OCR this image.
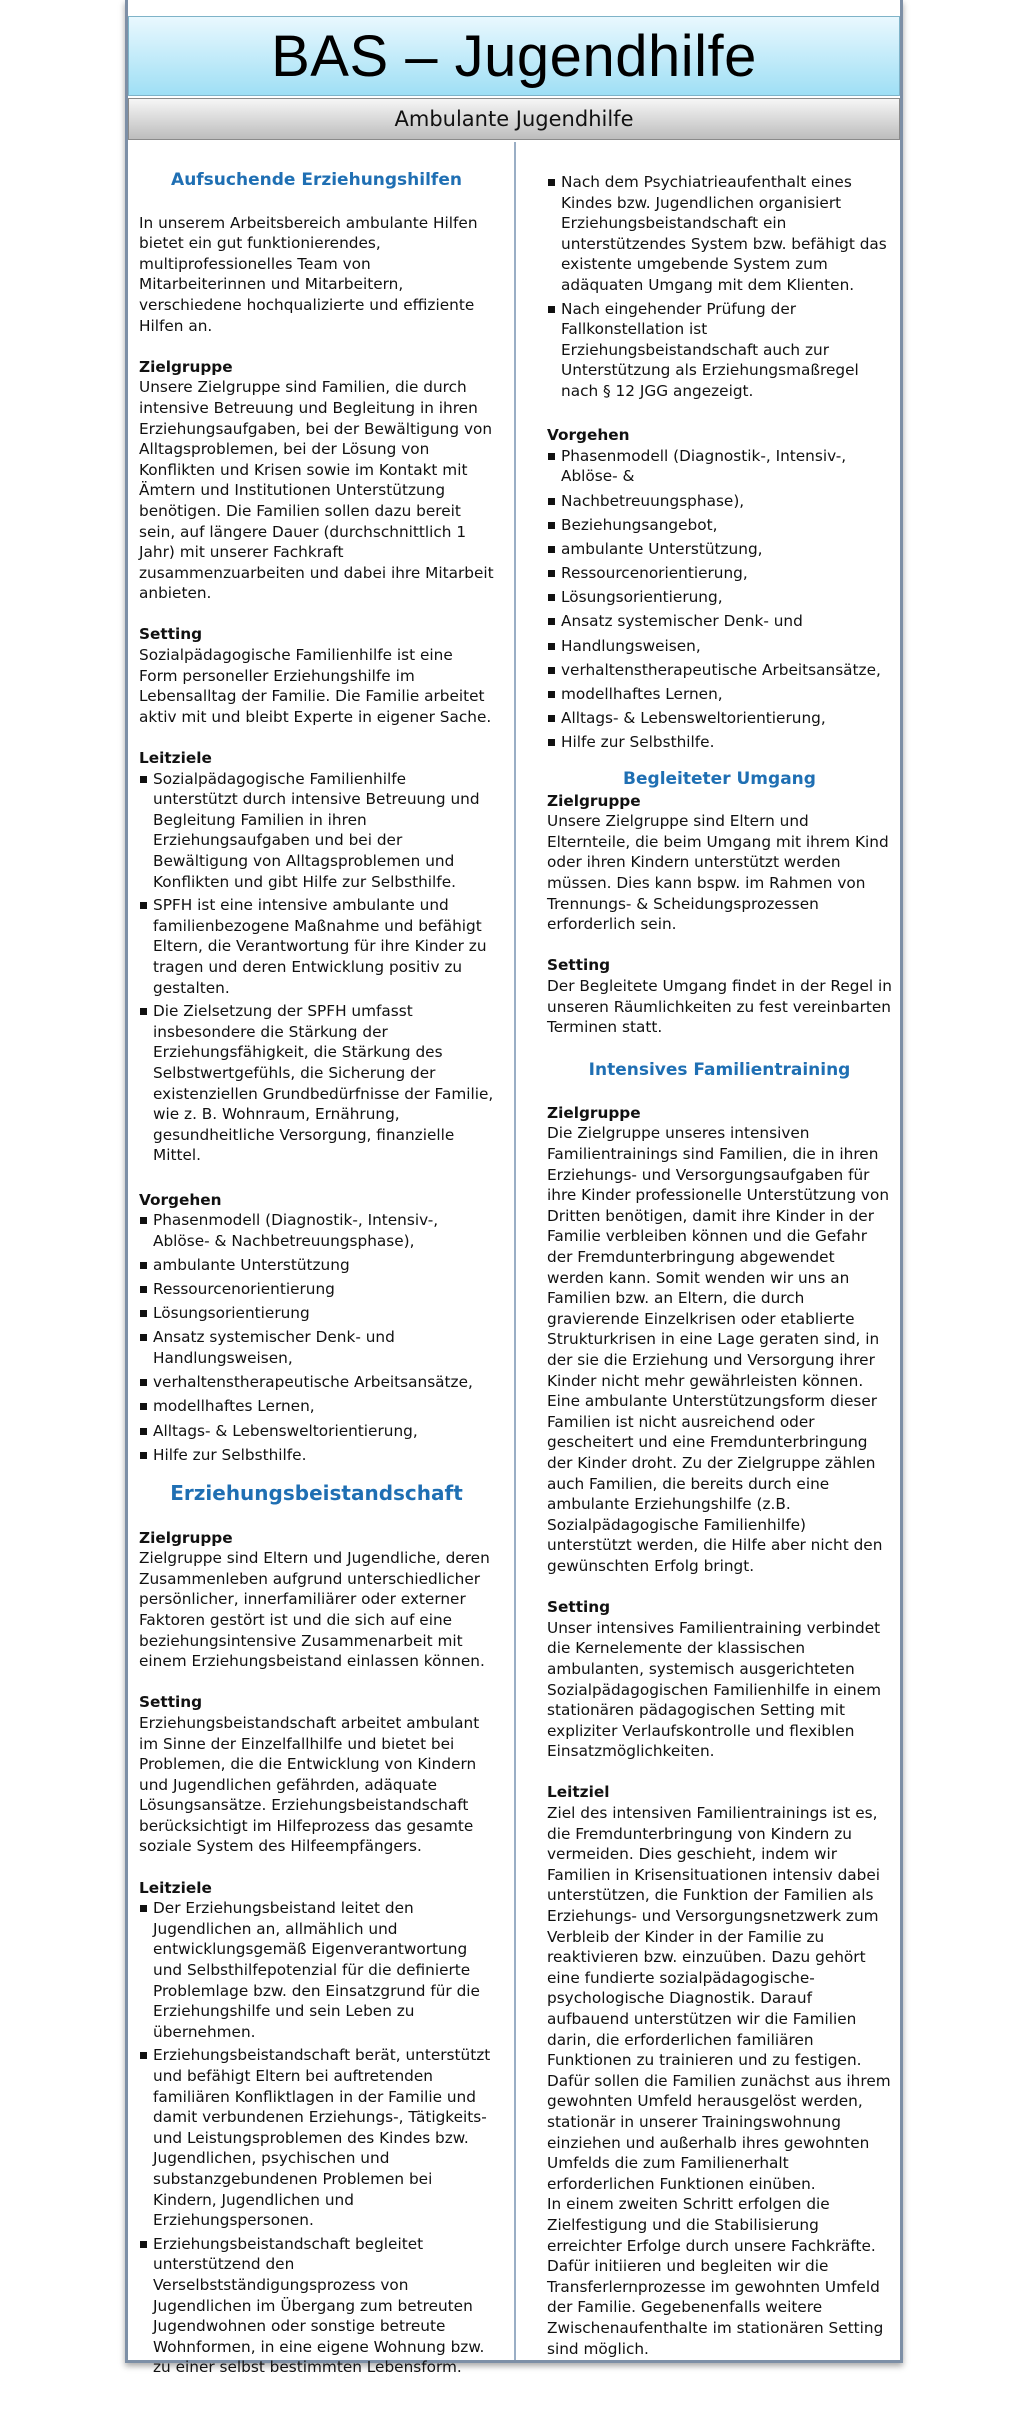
BAS – Jugendhilfe
Ambulante Jugendhilfe
Aufsuchende Erziehungshilfen

In unserem Arbeitsbereich ambulante Hilfen bietet ein gut funktionierendes, multiprofessionelles Team von Mitarbeiterinnen und Mitarbeitern, verschiedene hochqualizierte und effiziente Hilfen an.

Zielgruppe

Unsere Zielgruppe sind Familien, die durch intensive Betreuung und Begleitung in ihren Erziehungsaufgaben, bei der Bewältigung von Alltagsproblemen, bei der Lösung von Konflikten und Krisen sowie im Kontakt mit Ämtern und Institutionen Unterstützung benötigen. Die Familien sollen dazu bereit sein, auf längere Dauer (durchschnittlich 1 Jahr) mit unserer Fachkraft zusammenzuarbeiten und dabei ihre Mitarbeit anbieten.

Setting

Sozialpädagogische Familienhilfe ist eine Form personeller Erziehungshilfe im Lebensalltag der Familie. Die Familie arbeitet aktiv mit und bleibt Experte in eigener Sache.

Leitziele

Sozialpädagogische Familienhilfe unterstützt durch intensive Betreuung und Begleitung Familien in ihren Erziehungsaufgaben und bei der Bewältigung von Alltagsproblemen und Konflikten und gibt Hilfe zur Selbsthilfe.
SPFH ist eine intensive ambulante und familienbezogene Maßnahme und befähigt Eltern, die Verantwortung für ihre Kinder zu tragen und deren Entwicklung positiv zu gestalten.
Die Zielsetzung der SPFH umfasst insbesondere die Stärkung der Erziehungsfähigkeit, die Stärkung des Selbstwertgefühls, die Sicherung der existenziellen Grundbedürfnisse der Familie, wie z. B. Wohnraum, Ernährung, gesundheitliche Versorgung, finanzielle Mittel.

Vorgehen

Phasenmodell (Diagnostik-, Intensiv-, Ablöse- & Nachbetreuungsphase),
ambulante Unterstützung
Ressourcenorientierung
Lösungsorientierung
Ansatz systemischer Denk- und Handlungsweisen,
verhaltenstherapeutische Arbeitsansätze,
modellhaftes Lernen,
Alltags- & Lebensweltorientierung,
Hilfe zur Selbsthilfe.
Erziehungsbeistandschaft

Zielgruppe

Zielgruppe sind Eltern und Jugendliche, deren Zusammenleben aufgrund unterschiedlicher persönlicher, innerfamiliärer oder externer Faktoren gestört ist und die sich auf eine beziehungsintensive Zusammenarbeit mit einem Erziehungsbeistand einlassen können.

Setting

Erziehungsbeistandschaft arbeitet ambulant im Sinne der Einzelfallhilfe und bietet bei Problemen, die die Entwicklung von Kindern und Jugendlichen gefährden, adäquate Lösungsansätze. Erziehungsbeistandschaft berücksichtigt im Hilfeprozess das gesamte soziale System des Hilfeempfängers.

Leitziele

Der Erziehungsbeistand leitet den Jugendlichen an, allmählich und entwicklungsgemäß Eigenverantwortung und Selbsthilfepotenzial für die definierte Problemlage bzw. den Einsatzgrund für die Erziehungshilfe und sein Leben zu übernehmen.
Erziehungsbeistandschaft berät, unterstützt und befähigt Eltern bei auftretenden familiären Konfliktlagen in der Familie und damit verbundenen Erziehungs-, Tätigkeits- und Leistungsproblemen des Kindes bzw. Jugendlichen, psychischen und substanzgebundenen Problemen bei Kindern, Jugendlichen und Erziehungspersonen.
Erziehungsbeistandschaft begleitet unterstützend den Verselbstständigungsprozess von Jugendlichen im Übergang zum betreuten Jugendwohnen oder sonstige betreute Wohnformen, in eine eigene Wohnung bzw. zu einer selbst bestimmten Lebensform.
Nach dem Psychiatrieaufenthalt eines Kindes bzw. Jugendlichen organisiert Erziehungsbeistandschaft ein unterstützendes System bzw. befähigt das existente umgebende System zum adäquaten Umgang mit dem Klienten.
Nach eingehender Prüfung der Fallkonstellation ist Erziehungsbeistandschaft auch zur Unterstützung als Erziehungsmaßregel nach § 12 JGG angezeigt.

Vorgehen

Phasenmodell (Diagnostik-, Intensiv-, Ablöse- &
Nachbetreuungsphase),
Beziehungsangebot,
ambulante Unterstützung,
Ressourcenorientierung,
Lösungsorientierung,
Ansatz systemischer Denk- und
Handlungsweisen,
verhaltenstherapeutische Arbeitsansätze,
modellhaftes Lernen,
Alltags- & Lebensweltorientierung,
Hilfe zur Selbsthilfe.
Begleiteter Umgang

Zielgruppe

Unsere Zielgruppe sind Eltern und Elternteile, die beim Umgang mit ihrem Kind oder ihren Kindern unterstützt werden müssen. Dies kann bspw. im Rahmen von Trennungs- & Scheidungsprozessen erforderlich sein.

Setting

Der Begleitete Umgang findet in der Regel in unseren Räumlichkeiten zu fest vereinbarten Terminen statt.

Intensives Familientraining

Zielgruppe

Die Zielgruppe unseres intensiven Familientrainings sind Familien, die in ihren Erziehungs- und Versorgungsaufgaben für ihre Kinder professionelle Unterstützung von Dritten benötigen, damit ihre Kinder in der Familie verbleiben können und die Gefahr der Fremdunterbringung abgewendet werden kann. Somit wenden wir uns an Familien bzw. an Eltern, die durch gravierende Einzelkrisen oder etablierte Strukturkrisen in eine Lage geraten sind, in der sie die Erziehung und Versorgung ihrer Kinder nicht mehr gewährleisten können. Eine ambulante Unterstützungsform dieser Familien ist nicht ausreichend oder gescheitert und eine Fremdunterbringung der Kinder droht. Zu der Zielgruppe zählen auch Familien, die bereits durch eine ambulante Erziehungshilfe (z.B. Sozialpädagogische Familienhilfe) unterstützt werden, die Hilfe aber nicht den gewünschten Erfolg bringt.

Setting

Unser intensives Familientraining verbindet die Kernelemente der klassischen ambulanten, systemisch ausgerichteten Sozialpädagogischen Familienhilfe in einem stationären pädagogischen Setting mit expliziter Verlaufskontrolle und flexiblen Einsatzmöglichkeiten.

Leitziel

Ziel des intensiven Familientrainings ist es, die Fremdunterbringung von Kindern zu vermeiden. Dies geschieht, indem wir Familien in Krisensituationen intensiv dabei unterstützen, die Funktion der Familien als Erziehungs- und Versorgungsnetzwerk zum Verbleib der Kinder in der Familie zu reaktivieren bzw. einzuüben. Dazu gehört eine fundierte sozialpädagogische-psychologische Diagnostik. Darauf aufbauend unterstützen wir die Familien darin, die erforderlichen familiären Funktionen zu trainieren und zu festigen.

Dafür sollen die Familien zunächst aus ihrem gewohnten Umfeld herausgelöst werden, stationär in unserer Trainingswohnung einziehen und außerhalb ihres gewohnten Umfelds die zum Familienerhalt erforderlichen Funktionen einüben.

In einem zweiten Schritt erfolgen die Zielfestigung und die Stabilisierung erreichter Erfolge durch unsere Fachkräfte. Dafür initiieren und begleiten wir die Transferlernprozesse im gewohnten Umfeld der Familie. Gegebenenfalls weitere Zwischenaufenthalte im stationären Setting sind möglich.
